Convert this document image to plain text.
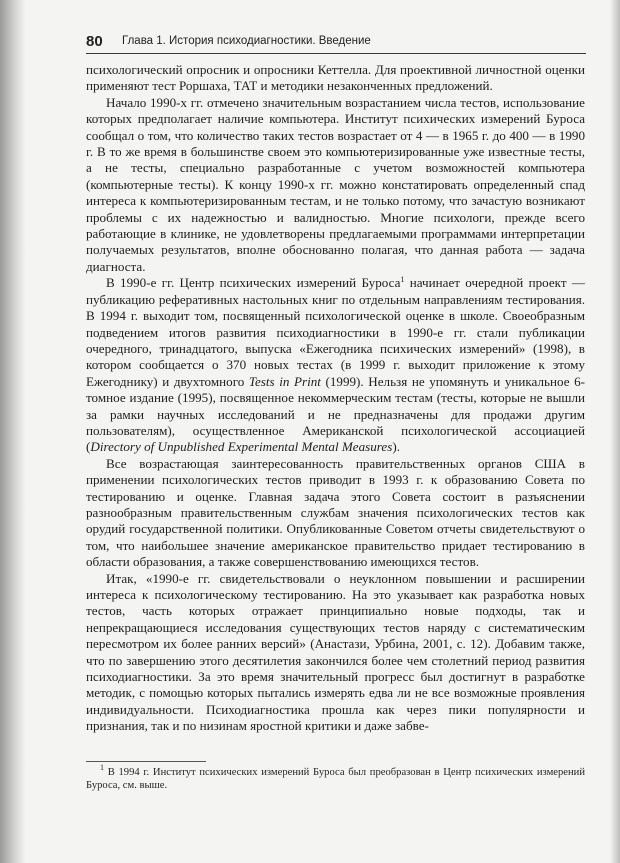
80 Глава 1. История психодиагностики. Введение

психологический опросник и опросники Кеттелла. Для проективной личностной оценки применяют тест Роршаха, ТАТ и методики незаконченных предложений.

Начало 1990-х гг. отмечено значительным возрастанием числа тестов, использование которых предполагает наличие компьютера. Институт психических измерений Буроса сообщал о том, что количество таких тестов возрастает от 4 — в 1965 г. до 400 — в 1990 г. В то же время в большинстве своем это компьютеризированные уже известные тесты, а не тесты, специально разработанные с учетом возможностей компьютера (компьютерные тесты). К концу 1990-х гг. можно констатировать определенный спад интереса к компьютеризированным тестам, и не только потому, что зачастую возникают проблемы с их надежностью и валидностью. Многие психологи, прежде всего работающие в клинике, не удовлетворены предлагаемыми программами интерпретации получаемых результатов, вполне обоснованно полагая, что данная работа — задача диагноста.

В 1990-е гг. Центр психических измерений Буроса$^1$ начинает очередной проект — публикацию реферативных настольных книг по отдельным направлениям тестирования. В 1994 г. выходит том, посвященный психологической оценке в школе. Своеобразным подведением итогов развития психодиагностики в 1990-е гг. стали публикации очередного, тринадцатого, выпуска «Ежегодника психических измерений» (1998), в котором сообщается о 370 новых тестах (в 1999 г. выходит приложение к этому Ежегоднику) и двухтомного Tests in Print (1999). Нельзя не упомянуть и уникальное 6-томное издание (1995), посвященное некоммерческим тестам (тесты, которые не вышли за рамки научных исследований и не предназначены для продажи другим пользователям), осуществленное Американской психологической ассоциацией (Directory of Unpublished Experimental Mental Measures).

Все возрастающая заинтересованность правительственных органов США в применении психологических тестов приводит в 1993 г. к образованию Совета по тестированию и оценке. Главная задача этого Совета состоит в разъяснении разнообразным правительственным службам значения психологических тестов как орудий государственной политики. Опубликованные Советом отчеты свидетельствуют о том, что наибольшее значение американское правительство придает тестированию в области образования, а также совершенствованию имеющихся тестов.

Итак, «1990-е гг. свидетельствовали о неуклонном повышении и расширении интереса к психологическому тестированию. На это указывает как разработка новых тестов, часть которых отражает принципиально новые подходы, так и непрекращающиеся исследования существующих тестов наряду с систематическим пересмотром их более ранних версий» (Анастази, Урбина, 2001, с. 12). Добавим также, что по завершению этого десятилетия закончился более чем столетний период развития психодиагностики. За это время значительный прогресс был достигнут в разработке методик, с помощью которых пытались измерять едва ли не все возможные проявления индивидуальности. Психодиагностика прошла как через пики популярности и признания, так и по низинам яростной критики и даже забве-

$^1$ В 1994 г. Институт психических измерений Буроса был преобразован в Центр психических измерений Буроса, см. выше.
